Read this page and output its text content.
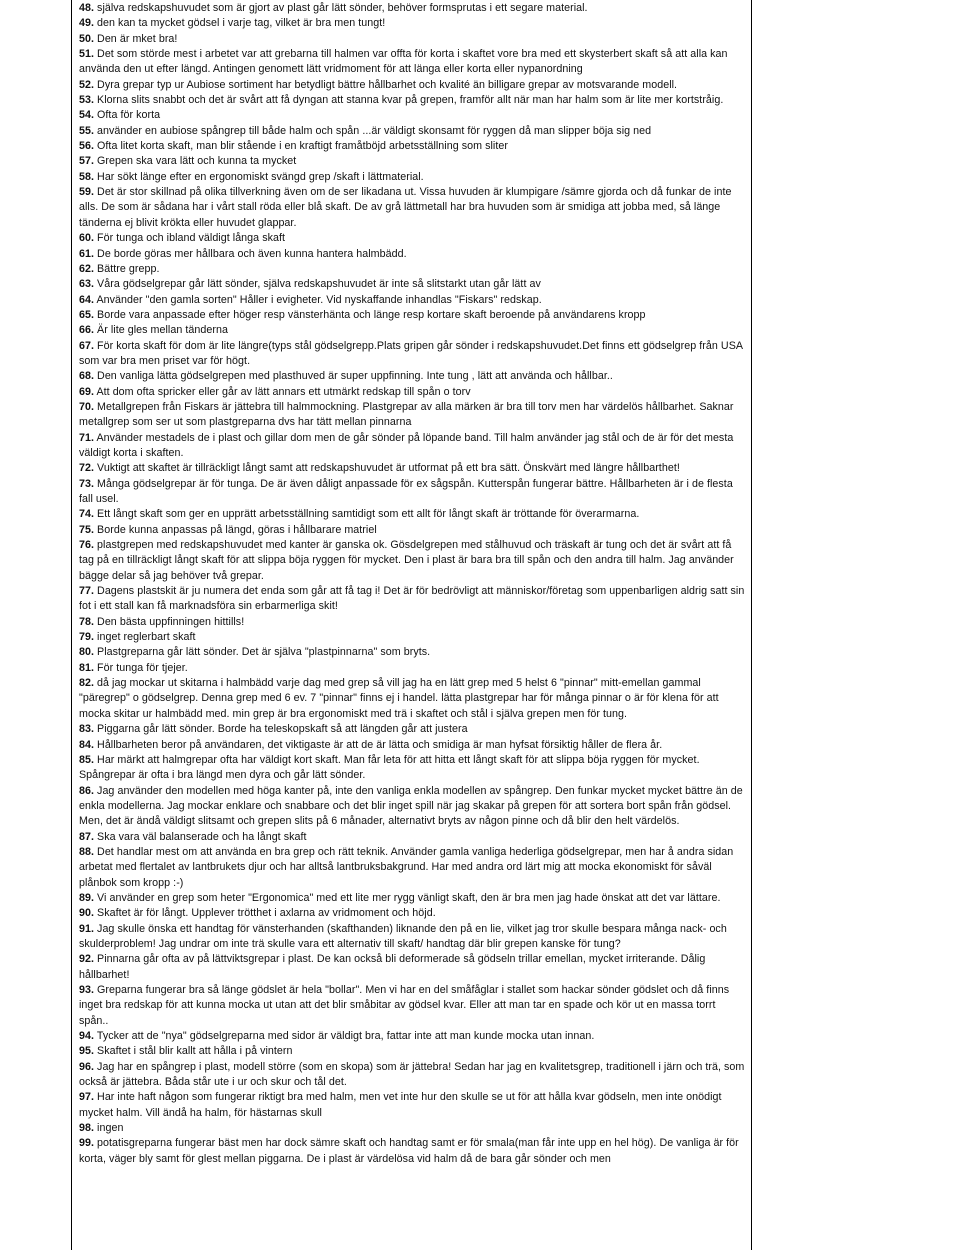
48. själva redskapshuvudet som är gjort av plast går lätt sönder, behöver formsprutas i ett segare material.

49. den kan ta mycket gödsel i varje tag, vilket är bra men tungt!

50. Den är mket bra!

51. Det som störde mest i arbetet var att grebarna till halmen var offta för korta i skaftet vore bra med ett skysterbert skaft så att alla kan använda den ut efter längd. Antingen genomett lätt vridmoment för att länga eller korta eller nypanordning

52. Dyra grepar typ ur Aubiose sortiment har betydligt bättre hållbarhet och kvalité än billigare grepar av motsvarande modell.

53. Klorna slits snabbt och det är svårt att få dyngan att stanna kvar på grepen, framför allt när man har halm som är lite mer kortstråig.

54. Ofta för korta

55. använder en aubiose spångrep till både halm och spån ...är väldigt skonsamt för ryggen då man slipper böja sig ned

56. Ofta litet korta skaft, man blir stående i en kraftigt framåtböjd arbetsställning som sliter

57. Grepen ska vara lätt och kunna ta mycket

58. Har sökt länge efter en ergonomiskt svängd grep /skaft i lättmaterial.

59. Det är stor skillnad på olika tillverkning även om de ser likadana ut. Vissa huvuden är klumpigare /sämre gjorda och då funkar de inte alls. De som är sådana har i vårt stall röda eller blå skaft. De av grå lättmetall har bra huvuden som är smidiga att jobba med, så länge tänderna ej blivit krökta eller huvudet glappar.

60. För tunga och ibland väldigt långa skaft

61. De borde göras mer hållbara och även kunna hantera halmbädd.

62. Bättre grepp.

63. Våra gödselgrepar går lätt sönder, själva redskapshuvudet är inte så slitstarkt utan går lätt av

64. Använder "den gamla sorten" Håller i evigheter. Vid nyskaffande inhandlas "Fiskars" redskap.

65. Borde vara anpassade efter höger resp vänsterhänta och länge resp kortare skaft beroende på användarens kropp

66. Är lite gles mellan tänderna

67. För korta skaft för dom är lite längre(typs stål gödselgrepp.Plats gripen går sönder i redskapshuvudet.Det finns ett gödselgrep från USA som var bra men priset var för högt.

68. Den vanliga lätta gödselgrepen med plasthuved är super uppfinning. Inte tung , lätt att använda och hållbar..

69. Att dom ofta spricker eller går av lätt annars ett utmärkt redskap till spån o torv

70. Metallgrepen från Fiskars är jättebra till halmmockning. Plastgrepar av alla märken är bra till torv men har värdelös hållbarhet. Saknar metallgrep som ser ut som plastgreparna dvs har tätt mellan pinnarna

71. Använder mestadels de i plast och gillar dom men de går sönder på löpande band. Till halm använder jag stål och de är för det mesta väldigt korta i skaften.

72. Vuktigt att skaftet är tillräckligt långt samt att redskapshuvudet är utformat på ett bra sätt. Önskvärt med längre hållbarthet!

73. Många gödselgrepar är för tunga. De är även dåligt anpassade för ex sågspån. Kutterspån fungerar bättre. Hållbarheten är i de flesta fall usel.

74. Ett långt skaft som ger en upprätt arbetsställning samtidigt som ett allt för långt skaft är tröttande för överarmarna.

75. Borde kunna anpassas på längd, göras i hållbarare matriel

76. plastgrepen med redskapshuvudet med kanter är ganska ok. Gösdelgrepen med stålhuvud och träskaft är tung och det är svårt att få tag på en tillräckligt långt skaft för att slippa böja ryggen för mycket. Den i plast är bara bra till spån och den andra till halm. Jag använder bägge delar så jag behöver två grepar.

77. Dagens plastskit är ju numera det enda som går att få tag i! Det är för bedrövligt att människor/företag som uppenbarligen aldrig satt sin fot i ett stall kan få marknadsföra sin erbarmerliga skit!

78. Den bästa uppfinningen hittills!

79. inget reglerbart skaft

80. Plastgreparna går lätt sönder. Det är själva "plastpinnarna" som bryts.

81. För tunga för tjejer.

82. då jag mockar ut skitarna i halmbädd varje dag med grep så vill jag ha en lätt grep med 5 helst 6 "pinnar" mitt-emellan gammal "päregrep" o gödselgrep. Denna grep med 6 ev. 7 "pinnar" finns ej i handel. lätta plastgrepar har för många pinnar o är för klena för att mocka skitar ur halmbädd med. min grep är bra ergonomiskt med trä i skaftet och stål i själva grepen men för tung.

83. Piggarna går lätt sönder. Borde ha teleskopskaft så att längden går att justera

84. Hållbarheten beror på användaren, det viktigaste är att de är lätta och smidiga är man hyfsat försiktig håller de flera år.

85. Har märkt att halmgrepar ofta har väldigt kort skaft. Man får leta för att hitta ett långt skaft för att slippa böja ryggen för mycket. Spångrepar är ofta i bra längd men dyra och går lätt sönder.

86. Jag använder den modellen med höga kanter på, inte den vanliga enkla modellen av spångrep. Den funkar mycket mycket bättre än de enkla modellerna. Jag mockar enklare och snabbare och det blir inget spill när jag skakar på grepen för att sortera bort spån från gödsel. Men, det är ändå väldigt slitsamt och grepen slits på 6 månader, alternativt bryts av någon pinne och då blir den helt värdelös.

87. Ska vara väl balanserade och ha långt skaft

88. Det handlar mest om att använda en bra grep och rätt teknik. Använder gamla vanliga hederliga gödselgrepar, men har å andra sidan arbetat med flertalet av lantbrukets djur och har alltså lantbruksbakgrund. Har med andra ord lärt mig att mocka ekonomiskt för såväl plånbok som kropp :-)

89. Vi använder en grep som heter "Ergonomica" med ett lite mer rygg vänligt skaft, den är bra men jag hade önskat att det var lättare.

90. Skaftet är för långt. Upplever trötthet i axlarna av vridmoment och höjd.

91. Jag skulle önska ett handtag för vänsterhanden (skafthanden) liknande den på en lie, vilket jag tror skulle bespara många nack- och skulderproblem! Jag undrar om inte trä skulle vara ett alternativ till skaft/ handtag där blir grepen kanske för tung?

92. Pinnarna går ofta av på lättviktsgrepar i plast. De kan också bli deformerade så gödseln trillar emellan, mycket irriterande. Dålig hållbarhet!

93. Greparna fungerar bra så länge gödslet är hela "bollar". Men vi har en del småfåglar i stallet som hackar sönder gödslet och då finns inget bra redskap för att kunna mocka ut utan att det blir småbitar av gödsel kvar. Eller att man tar en spade och kör ut en massa torrt spån..

94. Tycker att de "nya" gödselgreparna med sidor är väldigt bra, fattar inte att man kunde mocka utan innan.

95. Skaftet i stål blir kallt att hålla i på vintern

96. Jag har en spångrep i plast, modell större (som en skopa) som är jättebra! Sedan har jag en kvalitetsgrep, traditionell i järn och trä, som också är jättebra. Båda står ute i ur och skur och tål det.

97. Har inte haft någon som fungerar riktigt bra med halm, men vet inte hur den skulle se ut för att hålla kvar gödseln, men inte onödigt mycket halm. Vill ändå ha halm, för hästarnas skull

98. ingen

99. potatisgreparna fungerar bäst men har dock sämre skaft och handtag samt er för smala(man får inte upp en hel hög). De vanliga är för korta, väger bly samt för glest mellan piggarna. De i plast är värdelösa vid halm då de bara går sönder och men
